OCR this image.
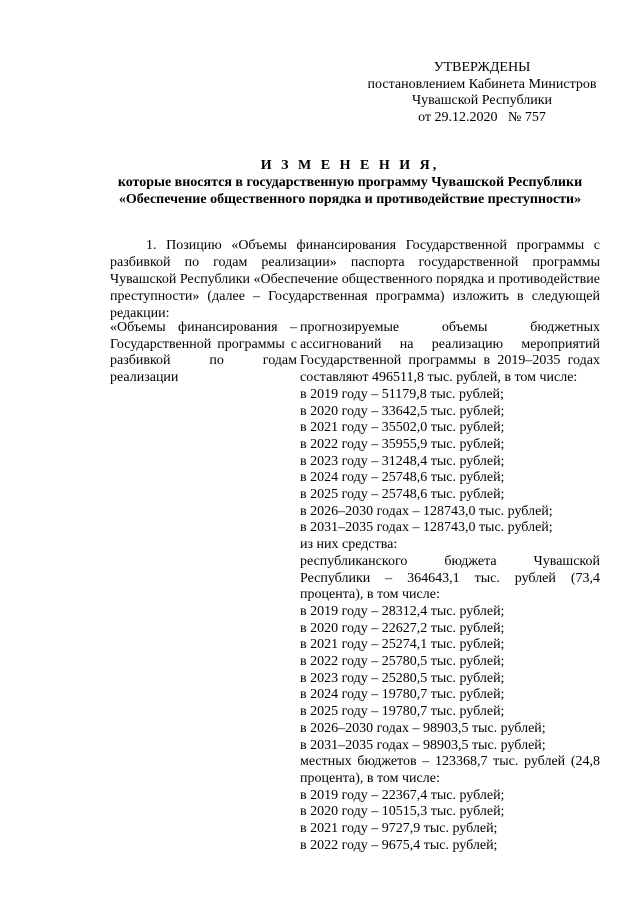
УТВЕРЖДЕНЫ
постановлением Кабинета Министров
Чувашской Республики
от 29.12.2020   № 757
И З М Е Н Е Н И Я,
которые вносятся в государственную программу Чувашской Республики
«Обеспечение общественного порядка и противодействие преступности»
1. Позицию «Объемы финансирования Государственной программы с разбивкой по годам реализации» паспорта государственной программы Чувашской Республики «Обеспечение общественного порядка и противодействие преступности» (далее – Государственная программа) изложить в следующей редакции:
«Объемы финансирования – Государственной программы с разбивкой по годам реализации
прогнозируемые объемы бюджетных ассигнований на реализацию мероприятий Государственной программы в 2019–2035 годах составляют 496511,8 тыс. рублей, в том числе:
в 2019 году – 51179,8 тыс. рублей;
в 2020 году – 33642,5 тыс. рублей;
в 2021 году – 35502,0 тыс. рублей;
в 2022 году – 35955,9 тыс. рублей;
в 2023 году – 31248,4 тыс. рублей;
в 2024 году – 25748,6 тыс. рублей;
в 2025 году – 25748,6 тыс. рублей;
в 2026–2030 годах – 128743,0 тыс. рублей;
в 2031–2035 годах – 128743,0 тыс. рублей;
из них средства:
республиканского бюджета Чувашской Республики – 364643,1 тыс. рублей (73,4 процента), в том числе:
в 2019 году – 28312,4 тыс. рублей;
в 2020 году – 22627,2 тыс. рублей;
в 2021 году – 25274,1 тыс. рублей;
в 2022 году – 25780,5 тыс. рублей;
в 2023 году – 25280,5 тыс. рублей;
в 2024 году – 19780,7 тыс. рублей;
в 2025 году – 19780,7 тыс. рублей;
в 2026–2030 годах – 98903,5 тыс. рублей;
в 2031–2035 годах – 98903,5 тыс. рублей;
местных бюджетов – 123368,7 тыс. рублей (24,8 процента), в том числе:
в 2019 году – 22367,4 тыс. рублей;
в 2020 году – 10515,3 тыс. рублей;
в 2021 году – 9727,9 тыс. рублей;
в 2022 году – 9675,4 тыс. рублей;
